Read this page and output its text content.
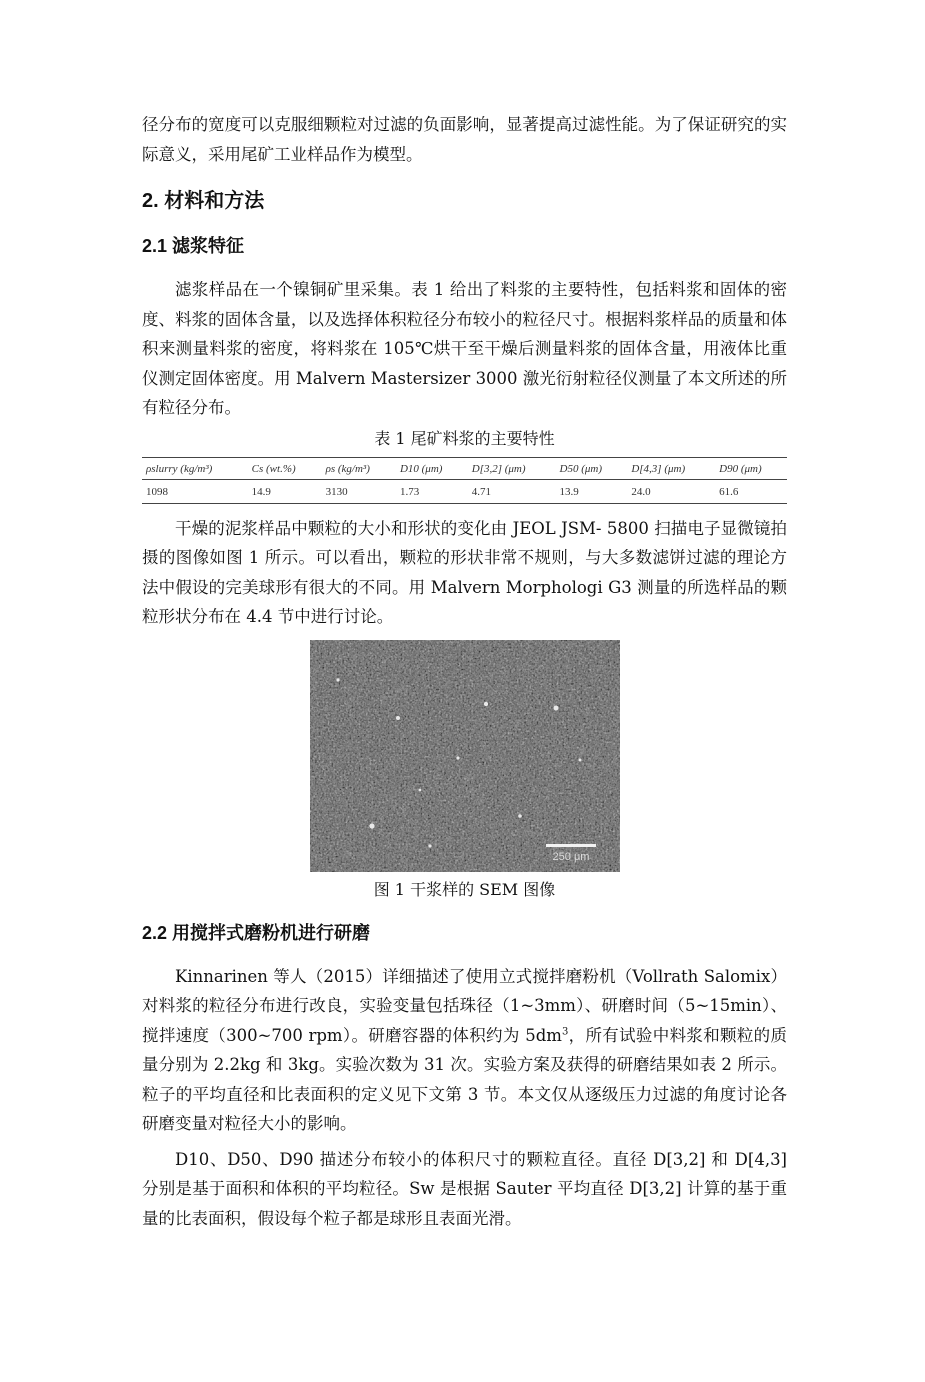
径分布的宽度可以克服细颗粒对过滤的负面影响，显著提高过滤性能。为了保证研究的实际意义，采用尾矿工业样品作为模型。

2. 材料和方法
2.1 滤浆特征

滤浆样品在一个镍铜矿里采集。表 1 给出了料浆的主要特性，包括料浆和固体的密度、料浆的固体含量，以及选择体积粒径分布较小的粒径尺寸。根据料浆样品的质量和体积来测量料浆的密度，将料浆在 105℃烘干至干燥后测量料浆的固体含量，用液体比重仪测定固体密度。用 Malvern Mastersizer 3000 激光衍射粒径仪测量了本文所述的所有粒径分布。

表 1 尾矿料浆的主要特性
ρslurry (kg/m³)	Cs (wt.%)	ρs (kg/m³)	D10 (μm)	D[3,2] (μm)	D50 (μm)	D[4,3] (μm)	D90 (μm)
1098	14.9	3130	1.73	4.71	13.9	24.0	61.6

干燥的泥浆样品中颗粒的大小和形状的变化由 JEOL JSM- 5800 扫描电子显微镜拍摄的图像如图 1 所示。可以看出，颗粒的形状非常不规则，与大多数滤饼过滤的理论方法中假设的完美球形有很大的不同。用 Malvern Morphologi G3 测量的所选样品的颗粒形状分布在 4.4 节中进行讨论。

250 μm
图 1 干浆样的 SEM 图像
2.2 用搅拌式磨粉机进行研磨

Kinnarinen 等人（2015）详细描述了使用立式搅拌磨粉机（Vollrath Salomix）对料浆的粒径分布进行改良，实验变量包括珠径（1~3mm）、研磨时间（5~15min）、搅拌速度（300~700 rpm）。研磨容器的体积约为 $5dm^3$，所有试验中料浆和颗粒的质量分别为 2.2kg 和 3kg。实验次数为 31 次。实验方案及获得的研磨结果如表 2 所示。粒子的平均直径和比表面积的定义见下文第 3 节。本文仅从逐级压力过滤的角度讨论各研磨变量对粒径大小的影响。

D10、D50、D90 描述分布较小的体积尺寸的颗粒直径。直径 D[3,2] 和 D[4,3] 分别是基于面积和体积的平均粒径。Sw 是根据 Sauter 平均直径 D[3,2] 计算的基于重量的比表面积，假设每个粒子都是球形且表面光滑。
